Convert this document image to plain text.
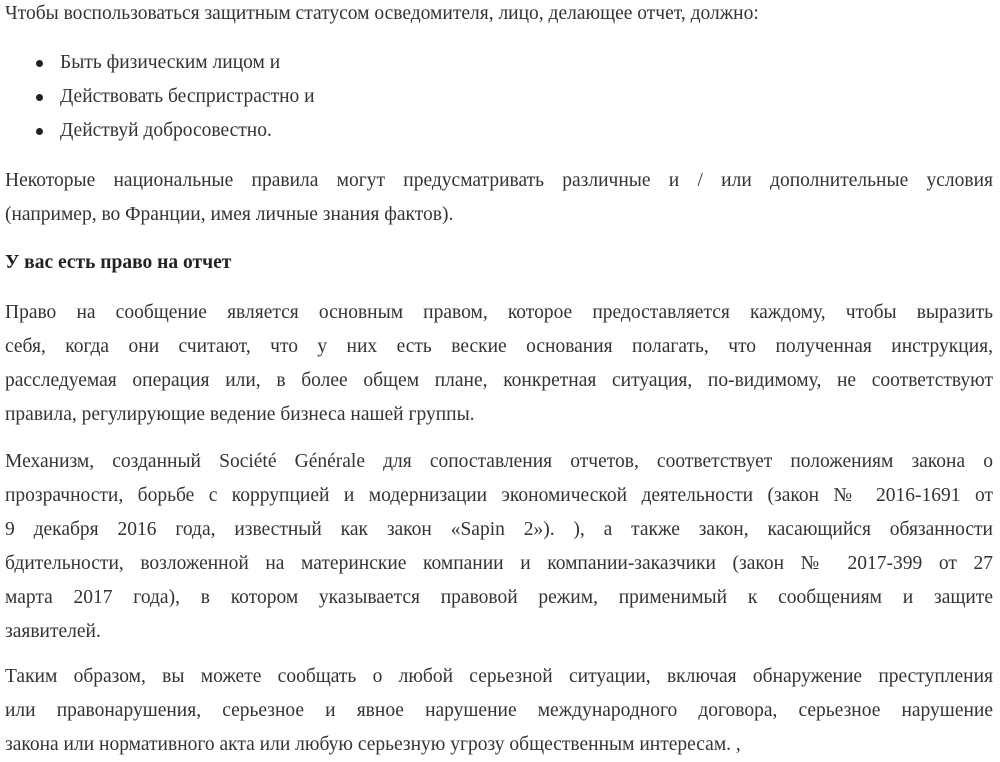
Чтобы воспользоваться защитным статусом осведомителя, лицо, делающее отчет, должно:

Быть физическим лицом и
Действовать беспристрастно и
Действуй добросовестно.

Некоторые национальные правила могут предусматривать различные и / или дополнительные условия
(например, во Франции, имея личные знания фактов).

У вас есть право на отчет

Право на сообщение является основным правом, которое предоставляется каждому, чтобы выразить
себя, когда они считают, что у них есть веские основания полагать, что полученная инструкция,
расследуемая операция или, в более общем плане, конкретная ситуация, по-видимому, не соответствуют
правила, регулирующие ведение бизнеса нашей группы.

Механизм, созданный Société Générale для сопоставления отчетов, соответствует положениям закона о
прозрачности, борьбе с коррупцией и модернизации экономической деятельности (закон № 2016-1691 от
9 декабря 2016 года, известный как закон «Sapin 2»). ), а также закон, касающийся обязанности
бдительности, возложенной на материнские компании и компании-заказчики (закон № 2017-399 от 27
марта 2017 года), в котором указывается правовой режим, применимый к сообщениям и защите
заявителей.

Таким образом, вы можете сообщать о любой серьезной ситуации, включая обнаружение преступления
или правонарушения, серьезное и явное нарушение международного договора, серьезное нарушение
закона или нормативного акта или любую серьезную угрозу общественным интересам. ,
